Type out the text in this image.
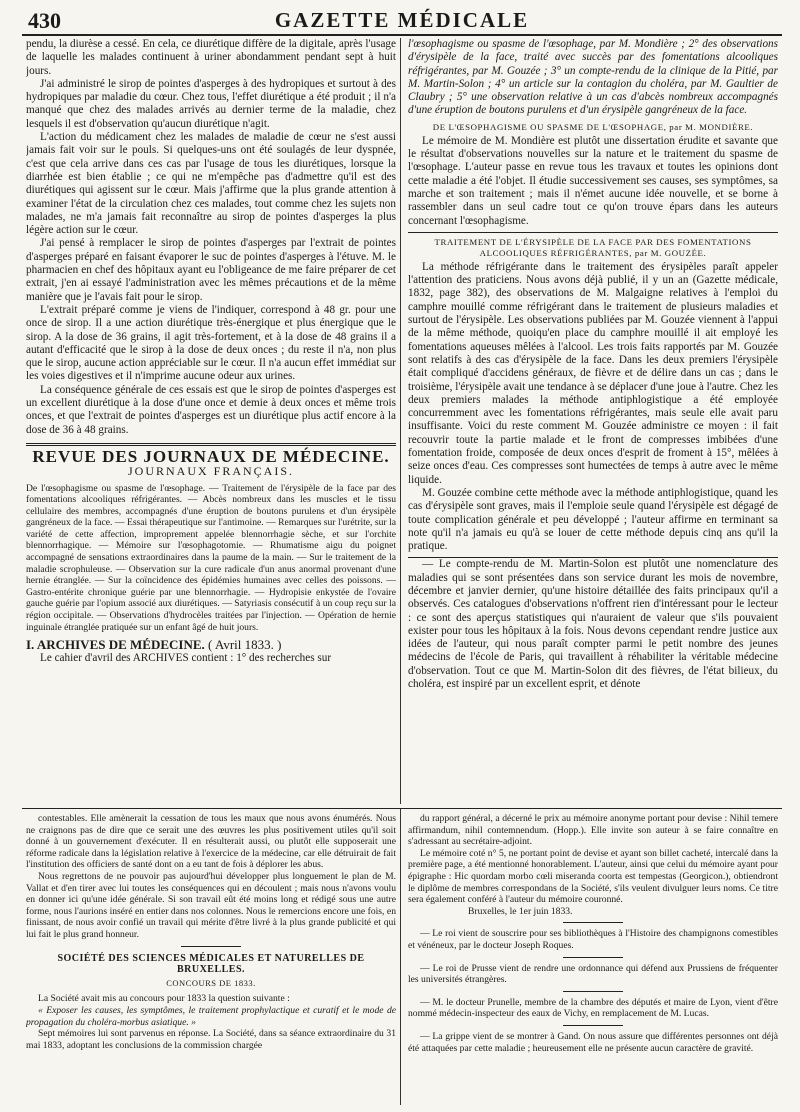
430	GAZETTE MÉDICALE

pendu, la diurèse a cessé. En cela, ce diurétique diffère de la digitale, après l'usage de laquelle les malades continuent à uriner abondamment pendant sept à huit jours.

J'ai administré le sirop de pointes d'asperges à des hydropiques et surtout à des hydropiques par maladie du cœur. Chez tous, l'effet diurétique a été produit ; il n'a manqué que chez des malades arrivés au dernier terme de la maladie, chez lesquels il est d'observation qu'aucun diurétique n'agit.

L'action du médicament chez les malades de maladie de cœur ne s'est aussi jamais fait voir sur le pouls. Si quelques-uns ont été soulagés de leur dyspnée, c'est que cela arrive dans ces cas par l'usage de tous les diurétiques, lorsque la diarrhée est bien établie ; ce qui ne m'empêche pas d'admettre qu'il est des diurétiques qui agissent sur le cœur. Mais j'affirme que la plus grande attention à examiner l'état de la circulation chez ces malades, tout comme chez les sujets non malades, ne m'a jamais fait reconnaître au sirop de pointes d'asperges la plus légère action sur le cœur.

J'ai pensé à remplacer le sirop de pointes d'asperges par l'extrait de pointes d'asperges préparé en faisant évaporer le suc de pointes d'asperges à l'étuve. M. le pharmacien en chef des hôpitaux ayant eu l'obligeance de me faire préparer de cet extrait, j'en ai essayé l'administration avec les mêmes précautions et de la même manière que je l'avais fait pour le sirop.

L'extrait préparé comme je viens de l'indiquer, correspond à 48 gr. pour une once de sirop. Il a une action diurétique très-énergique et plus énergique que le sirop. A la dose de 36 grains, il agit très-fortement, et à la dose de 48 grains il a autant d'efficacité que le sirop à la dose de deux onces ; du reste il n'a, non plus que le sirop, aucune action appréciable sur le cœur. Il n'a aucun effet immédiat sur les voies digestives et il n'imprime aucune odeur aux urines.

La conséquence générale de ces essais est que le sirop de pointes d'asperges est un excellent diurétique à la dose d'une once et demie à deux onces et même trois onces, et que l'extrait de pointes d'asperges est un diurétique plus actif encore à la dose de 36 à 48 grains.

REVUE DES JOURNAUX DE MÉDECINE.
JOURNAUX FRANÇAIS.

De l'œsophagisme ou spasme de l'œsophage. — Traitement de l'érysipèle de la face par des fomentations alcooliques réfrigérantes. — Abcès nombreux dans les muscles et le tissu cellulaire des membres, accompagnés d'une éruption de boutons purulens et d'un érysipèle gangréneux de la face. — Essai thérapeutique sur l'antimoine. — Remarques sur l'urétrite, sur la variété de cette affection, improprement appelée blennorrhagie sèche, et sur l'orchite blennorrhagique. — Mémoire sur l'œsophagotomie. — Rhumatisme aigu du poignet accompagné de sensations extraordinaires dans la paume de la main. — Sur le traitement de la maladie scrophuleuse. — Observation sur la cure radicale d'un anus anormal provenant d'une hernie étranglée. — Sur la coïncidence des épidémies humaines avec celles des poissons. — Gastro-entérite chronique guérie par une blennorrhagie. — Hydropisie enkystée de l'ovaire gauche guérie par l'opium associé aux diurétiques. — Satyriasis consécutif à un coup reçu sur la région occipitale. — Observations d'hydrocèles traitées par l'injection. — Opération de hernie inguinale étranglée pratiquée sur un enfant âgé de huit jours.

I. ARCHIVES DE MÉDECINE. ( Avril 1833. )

Le cahier d'avril des ARCHIVES contient : 1° des recherches sur

l'œsophagisme ou spasme de l'œsophage, par M. Mondière ; 2° des observations d'érysipèle de la face, traité avec succès par des fomentations alcooliques réfrigérantes, par M. Gouzée ; 3° un compte-rendu de la clinique de la Pitié, par M. Martin-Solon ; 4° un article sur la contagion du choléra, par M. Gaultier de Claubry ; 5° une observation relative à un cas d'abcès nombreux accompagnés d'une éruption de boutons purulens et d'un érysipèle gangréneux de la face.

DE L'ŒSOPHAGISME OU SPASME DE L'ŒSOPHAGE, par M. MONDIÈRE.

Le mémoire de M. Mondière est plutôt une dissertation érudite et savante que le résultat d'observations nouvelles sur la nature et le traitement du spasme de l'œsophage. L'auteur passe en revue tous les travaux et toutes les opinions dont cette maladie a été l'objet. Il étudie successivement ses causes, ses symptômes, sa marche et son traitement ; mais il n'émet aucune idée nouvelle, et se borne à rassembler dans un seul cadre tout ce qu'on trouve épars dans les auteurs concernant l'œsophagisme.

TRAITEMENT DE L'ÉRYSIPÈLE DE LA FACE PAR DES FOMENTATIONS ALCOOLIQUES RÉFRIGÉRANTES, par M. GOUZÉE.

La méthode réfrigérante dans le traitement des érysipèles paraît appeler l'attention des praticiens. Nous avons déjà publié, il y un an (Gazette médicale, 1832, page 382), des observations de M. Malgaigne relatives à l'emploi du camphre mouillé comme réfrigérant dans le traitement de plusieurs maladies et surtout de l'érysipèle. Les observations publiées par M. Gouzée viennent à l'appui de la même méthode, quoiqu'en place du camphre mouillé il ait employé les fomentations aqueuses mêlées à l'alcool. Les trois faits rapportés par M. Gouzée sont relatifs à des cas d'érysipèle de la face. Dans les deux premiers l'érysipèle était compliqué d'accidens généraux, de fièvre et de délire dans un cas ; dans le troisième, l'érysipèle avait une tendance à se déplacer d'une joue à l'autre. Chez les deux premiers malades la méthode antiphlogistique a été employée concurremment avec les fomentations réfrigérantes, mais seule elle avait paru insuffisante. Voici du reste comment M. Gouzée administre ce moyen : il fait recouvrir toute la partie malade et le front de compresses imbibées d'une fomentation froide, composée de deux onces d'esprit de froment à 15°, mêlées à seize onces d'eau. Ces compresses sont humectées de temps à autre avec le même liquide.

M. Gouzée combine cette méthode avec la méthode antiphlogistique, quand les cas d'érysipèle sont graves, mais il l'emploie seule quand l'érysipèle est dégagé de toute complication générale et peu développé ; l'auteur affirme en terminant sa note qu'il n'a jamais eu qu'à se louer de cette méthode depuis cinq ans qu'il la pratique.

— Le compte-rendu de M. Martin-Solon est plutôt une nomenclature des maladies qui se sont présentées dans son service durant les mois de novembre, décembre et janvier dernier, qu'une histoire détaillée des faits principaux qu'il a observés. Ces catalogues d'observations n'offrent rien d'intéressant pour le lecteur : ce sont des aperçus statistiques qui n'auraient de valeur que s'ils pouvaient exister pour tous les hôpitaux à la fois. Nous devons cependant rendre justice aux idées de l'auteur, qui nous paraît compter parmi le petit nombre des jeunes médecins de l'école de Paris, qui travaillent à réhabiliter la véritable médecine d'observation. Tout ce que M. Martin-Solon dit des fièvres, de l'état bilieux, du choléra, est inspiré par un excellent esprit, et dénote

contestables. Elle amènerait la cessation de tous les maux que nous avons énumérés. Nous ne craignons pas de dire que ce serait une des œuvres les plus positivement utiles qu'il soit donné à un gouvernement d'exécuter. Il en résulterait aussi, ou plutôt elle supposerait une réforme radicale dans la législation relative à l'exercice de la médecine, car elle détruirait de fait l'institution des officiers de santé dont on a eu tant de fois à déplorer les abus.

Nous regrettons de ne pouvoir pas aujourd'hui développer plus longuement le plan de M. Vallat et d'en tirer avec lui toutes les conséquences qui en découlent ; mais nous n'avons voulu en donner ici qu'une idée générale. Si son travail eût été moins long et rédigé sous une autre forme, nous l'aurions inséré en entier dans nos colonnes. Nous le remercions encore une fois, en finissant, de nous avoir confié un travail qui mérite d'être livré à la plus grande publicité et qui lui fait le plus grand honneur.

SOCIÉTÉ DES SCIENCES MÉDICALES ET NATURELLES DE BRUXELLES.
CONCOURS DE 1833.

La Société avait mis au concours pour 1833 la question suivante :

« Exposer les causes, les symptômes, le traitement prophylactique et curatif et le mode de propagation du choléra-morbus asiatique. »

Sept mémoires lui sont parvenus en réponse. La Société, dans sa séance extraordinaire du 31 mai 1833, adoptant les conclusions de la commission chargée

du rapport général, a décerné le prix au mémoire anonyme portant pour devise : Nihil temere affirmandum, nihil contemnendum. (Hopp.). Elle invite son auteur à se faire connaître en s'adressant au secrétaire-adjoint.

Le mémoire coté n° 5, ne portant point de devise et ayant son billet cacheté, intercalé dans la première page, a été mentionné honorablement. L'auteur, ainsi que celui du mémoire ayant pour épigraphe : Hic quordam morbo cœli miseranda coorta est tempestas (Georgicon.), obtiendront le diplôme de membres correspondans de la Société, s'ils veulent divulguer leurs noms. Ce titre sera également conféré à l'auteur du mémoire couronné.

Bruxelles, le 1er juin 1833.

— Le roi vient de souscrire pour ses bibliothèques à l'Histoire des champignons comestibles et vénéneux, par le docteur Joseph Roques.

— Le roi de Prusse vient de rendre une ordonnance qui défend aux Prussiens de fréquenter les universités étrangères.

— M. le docteur Prunelle, membre de la chambre des députés et maire de Lyon, vient d'être nommé médecin-inspecteur des eaux de Vichy, en remplacement de M. Lucas.

— La grippe vient de se montrer à Gand. On nous assure que différentes personnes ont déjà été attaquées par cette maladie ; heureusement elle ne présente aucun caractère de gravité.
